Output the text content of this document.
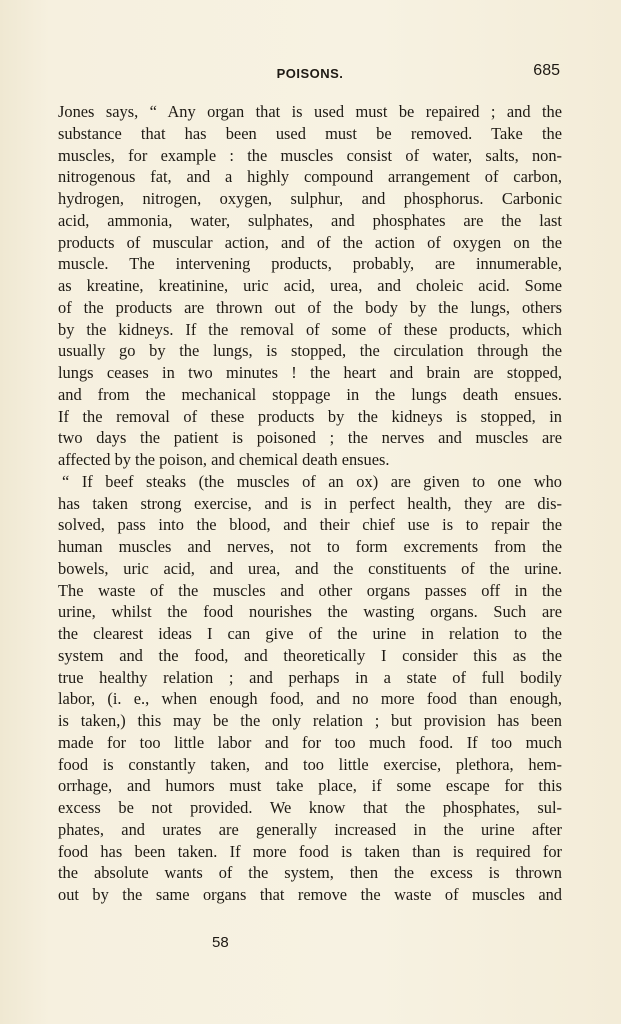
POISONS.	685
Jones says, “ Any organ that is used must be repaired ; and the
substance that has been used must be removed. Take the
muscles, for example : the muscles consist of water, salts, non-
nitrogenous fat, and a highly compound arrangement of carbon,
hydrogen, nitrogen, oxygen, sulphur, and phosphorus. Carbonic
acid, ammonia, water, sulphates, and phosphates are the last
products of muscular action, and of the action of oxygen on the
muscle. The intervening products, probably, are innumerable,
as kreatine, kreatinine, uric acid, urea, and choleic acid. Some
of the products are thrown out of the body by the lungs, others
by the kidneys. If the removal of some of these products, which
usually go by the lungs, is stopped, the circulation through the
lungs ceases in two minutes ! the heart and brain are stopped,
and from the mechanical stoppage in the lungs death ensues.
If the removal of these products by the kidneys is stopped, in
two days the patient is poisoned ; the nerves and muscles are
affected by the poison, and chemical death ensues.
“ If beef steaks (the muscles of an ox) are given to one who
has taken strong exercise, and is in perfect health, they are dis-
solved, pass into the blood, and their chief use is to repair the
human muscles and nerves, not to form excrements from the
bowels, uric acid, and urea, and the constituents of the urine.
The waste of the muscles and other organs passes off in the
urine, whilst the food nourishes the wasting organs. Such are
the clearest ideas I can give of the urine in relation to the
system and the food, and theoretically I consider this as the
true healthy relation ; and perhaps in a state of full bodily
labor, (i. e., when enough food, and no more food than enough,
is taken,) this may be the only relation ; but provision has been
made for too little labor and for too much food. If too much
food is constantly taken, and too little exercise, plethora, hem-
orrhage, and humors must take place, if some escape for this
excess be not provided. We know that the phosphates, sul-
phates, and urates are generally increased in the urine after
food has been taken. If more food is taken than is required for
the absolute wants of the system, then the excess is thrown
out by the same organs that remove the waste of muscles and
58
